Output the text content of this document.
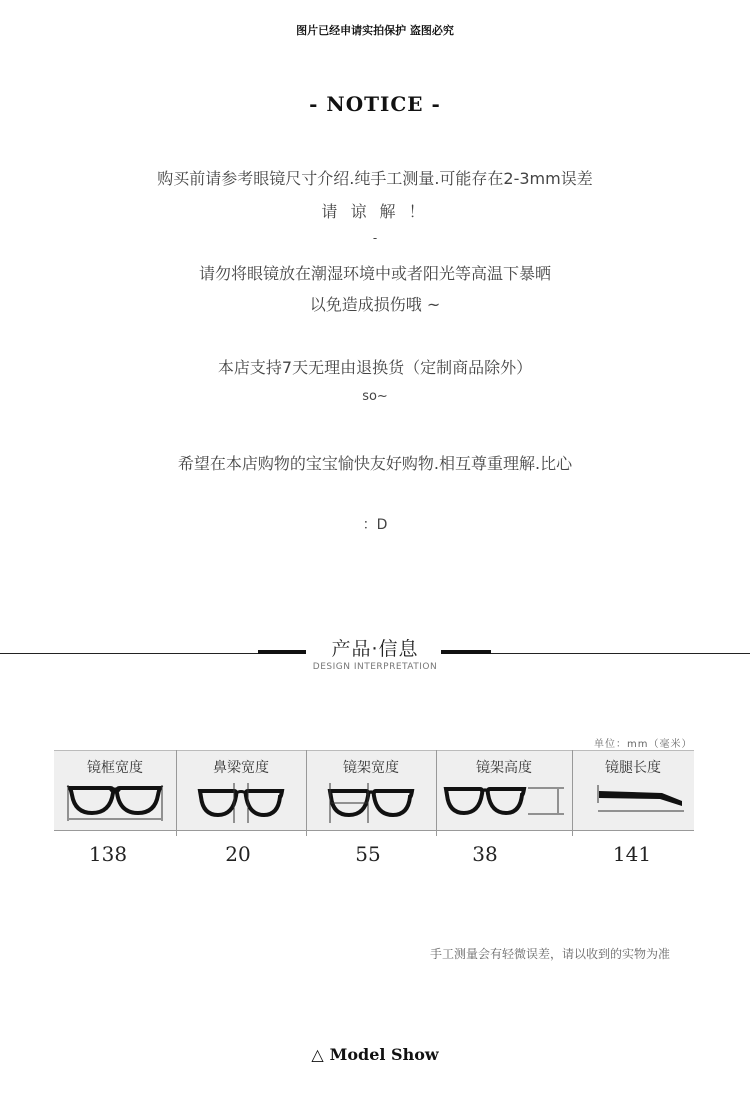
图片已经申请实拍保护 盗图必究
- NOTICE -
购买前请参考眼镜尺寸介绍.纯手工测量.可能存在2-3mm误差
请 谅 解 ！
-
请勿将眼镜放在潮湿环境中或者阳光等高温下暴晒
以免造成损伤哦 ~
本店支持7天无理由退换货（定制商品除外）
so~
希望在本店购物的宝宝愉快友好购物.相互尊重理解.比心
：D
产品·信息
DESIGN INTERPRETATION
单位：mm（毫米）
镜框宽度	鼻梁宽度	镜架宽度	镜架高度	镜腿长度
138	20	55	38	141
手工测量会有轻微误差，请以收到的实物为准
△ Model Show
